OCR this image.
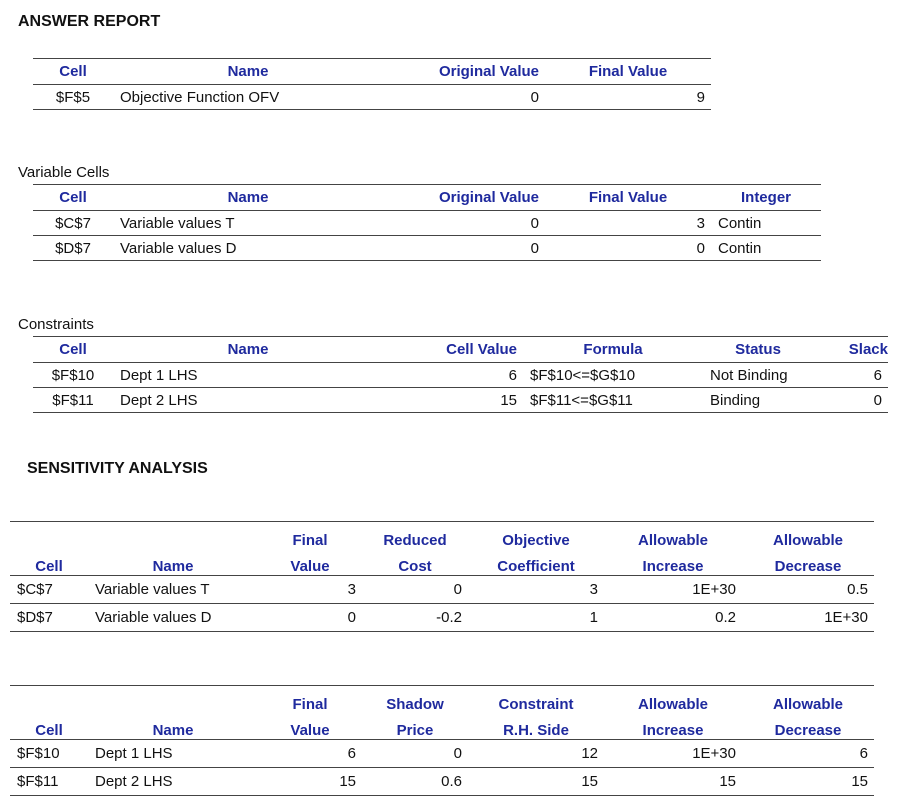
ANSWER REPORT
Cell	Name	Original Value	Final Value
$F$5	Objective Function OFV	0	9
Variable Cells
Cell	Name	Original Value	Final Value	Integer
$C$7	Variable values T	0	3	Contin
$D$7	Variable values D	0	0	Contin
Constraints
Cell	Name	Cell Value	Formula	Status	Slack
$F$10	Dept 1 LHS	6	$F$10<=$G$10	Not Binding	6
$F$11	Dept 2 LHS	15	$F$11<=$G$11	Binding	0
SENSITIVITY ANALYSIS
		Final	Reduced	Objective	Allowable	Allowable
Cell	Name	Value	Cost	Coefficient	Increase	Decrease
$C$7	Variable values T	3	0	3	1E+30	0.5
$D$7	Variable values D	0	-0.2	1	0.2	1E+30
		Final	Shadow	Constraint	Allowable	Allowable
Cell	Name	Value	Price	R.H. Side	Increase	Decrease
$F$10	Dept 1 LHS	6	0	12	1E+30	6
$F$11	Dept 2 LHS	15	0.6	15	15	15
